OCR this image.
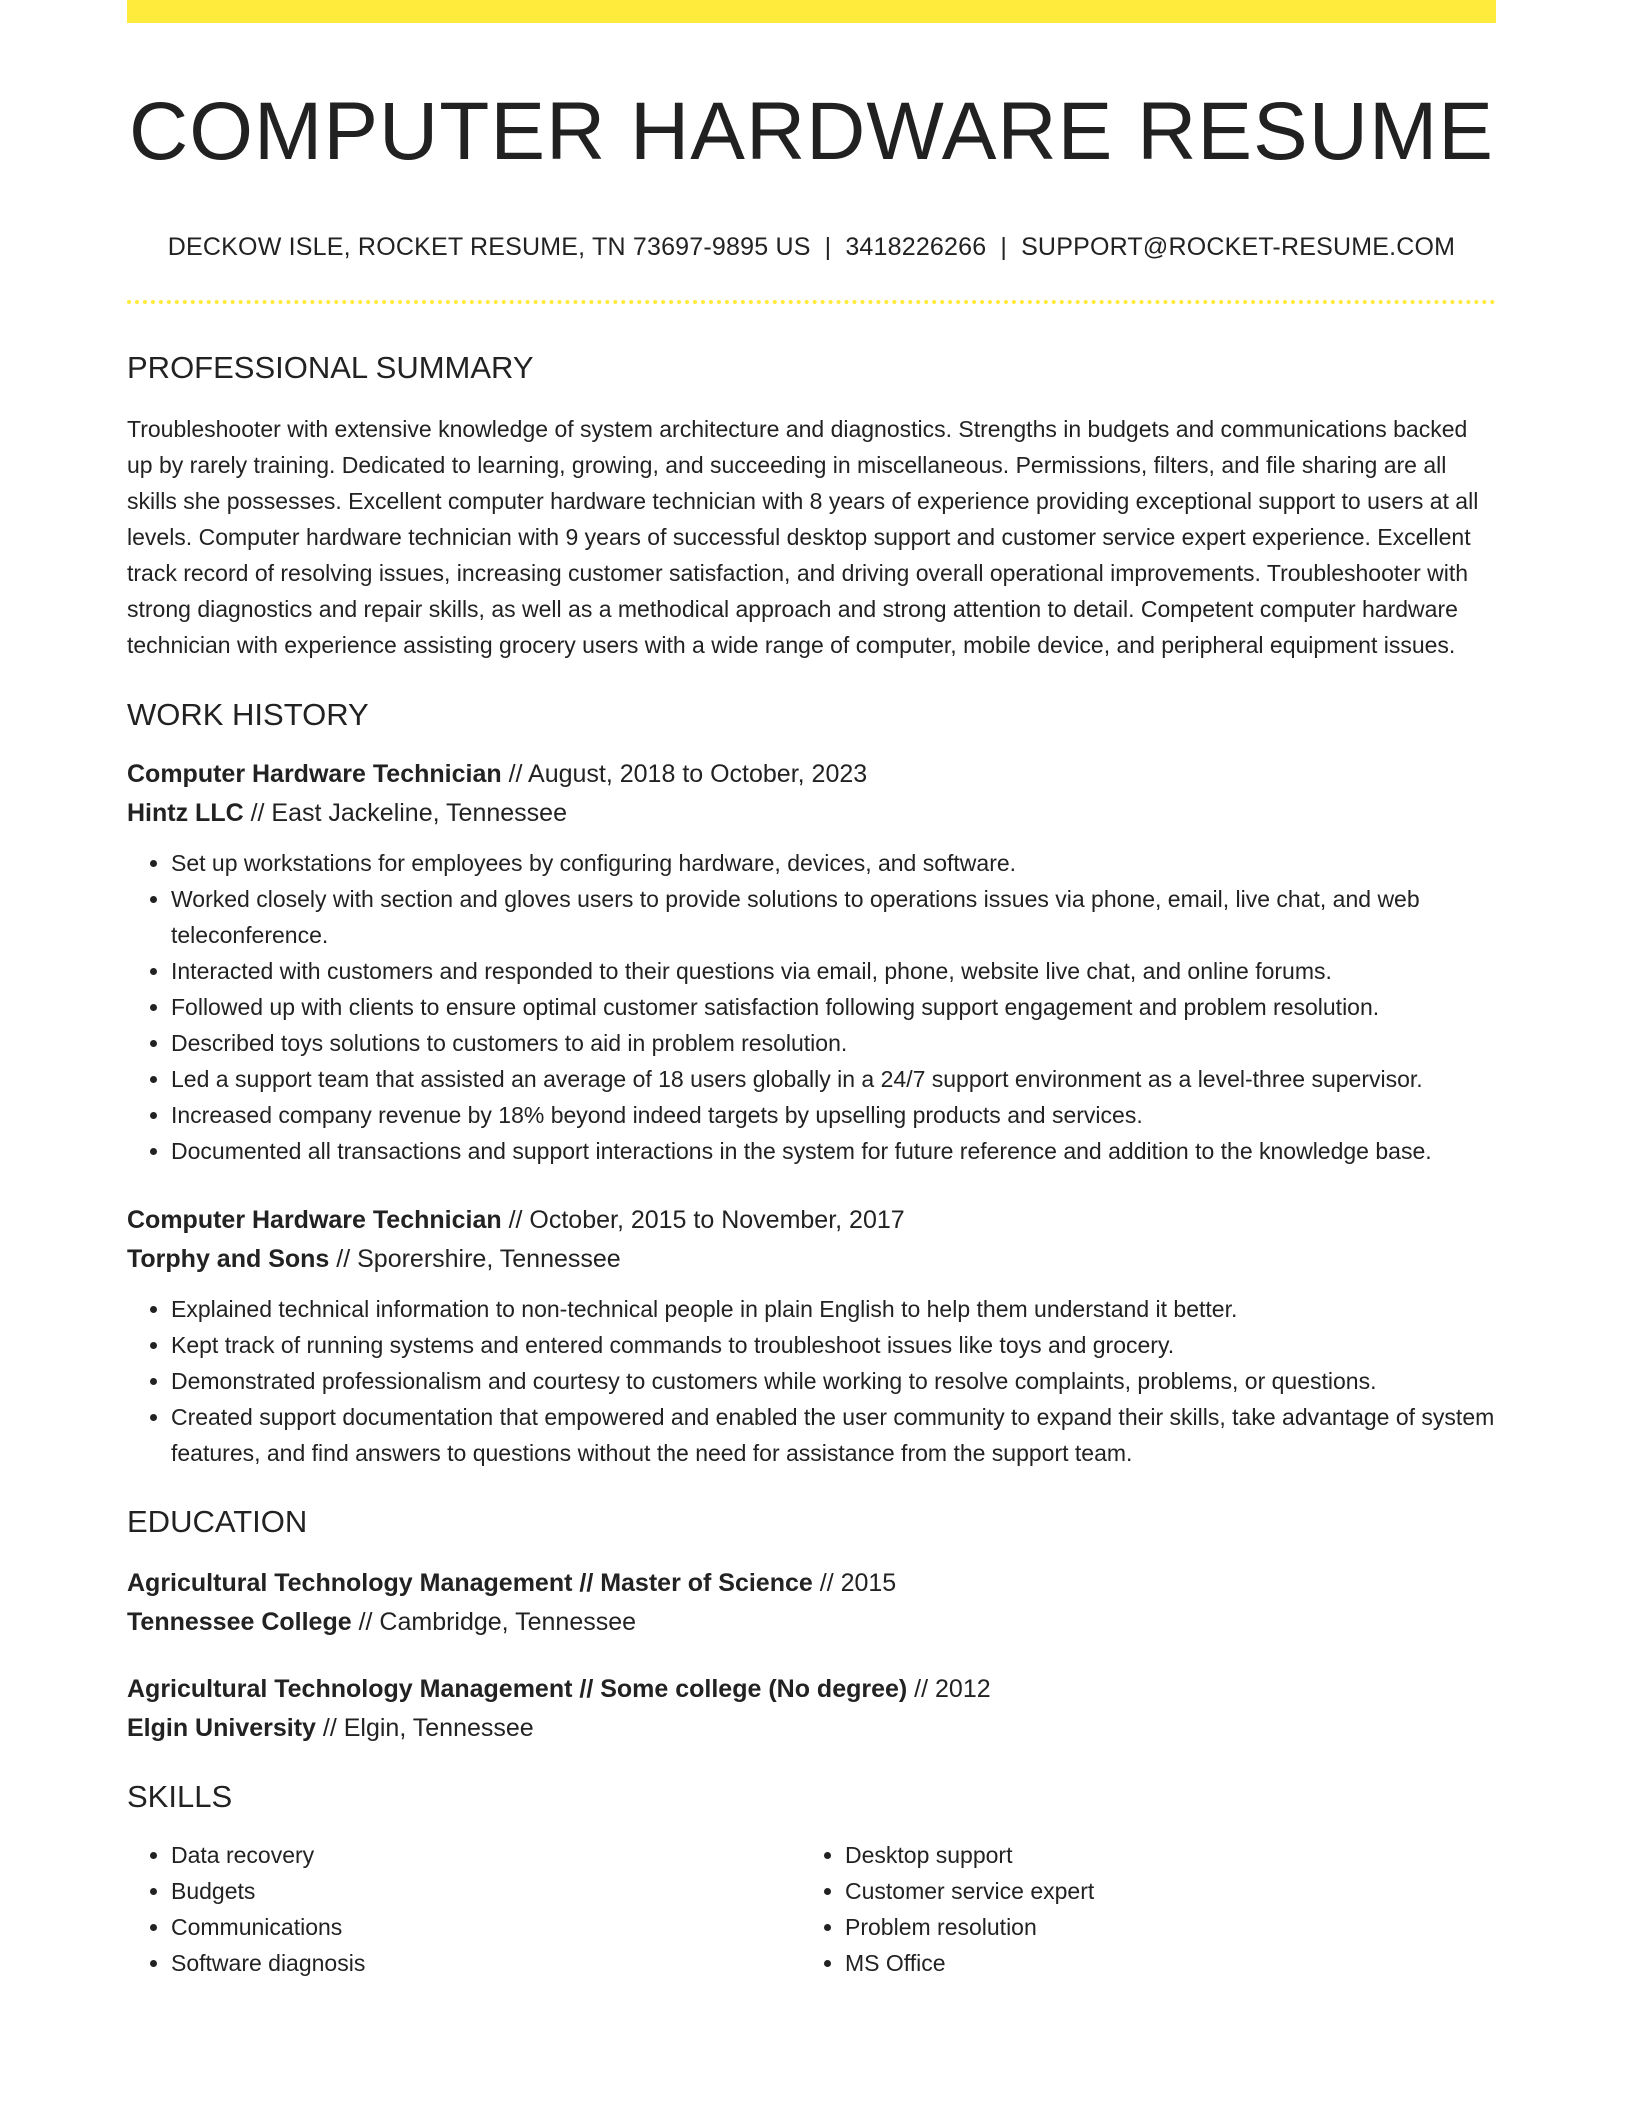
COMPUTER HARDWARE RESUME
DECKOW ISLE, ROCKET RESUME, TN 73697-9895 US | 3418226266 | SUPPORT@ROCKET-RESUME.COM
PROFESSIONAL SUMMARY

Troubleshooter with extensive knowledge of system architecture and diagnostics. Strengths in budgets and communications backed up by rarely training. Dedicated to learning, growing, and succeeding in miscellaneous. Permissions, filters, and file sharing are all skills she possesses. Excellent computer hardware technician with 8 years of experience providing exceptional support to users at all levels. Computer hardware technician with 9 years of successful desktop support and customer service expert experience. Excellent track record of resolving issues, increasing customer satisfaction, and driving overall operational improvements. Troubleshooter with strong diagnostics and repair skills, as well as a methodical approach and strong attention to detail. Competent computer hardware technician with experience assisting grocery users with a wide range of computer, mobile device, and peripheral equipment issues.

WORK HISTORY
Computer Hardware Technician // August, 2018 to October, 2023
Hintz LLC // East Jackeline, Tennessee
• Set up workstations for employees by configuring hardware, devices, and software.
• Worked closely with section and gloves users to provide solutions to operations issues via phone, email, live chat, and web teleconference.
• Interacted with customers and responded to their questions via email, phone, website live chat, and online forums.
• Followed up with clients to ensure optimal customer satisfaction following support engagement and problem resolution.
• Described toys solutions to customers to aid in problem resolution.
• Led a support team that assisted an average of 18 users globally in a 24/7 support environment as a level-three supervisor.
• Increased company revenue by 18% beyond indeed targets by upselling products and services.
• Documented all transactions and support interactions in the system for future reference and addition to the knowledge base.
Computer Hardware Technician // October, 2015 to November, 2017
Torphy and Sons // Sporershire, Tennessee
• Explained technical information to non-technical people in plain English to help them understand it better.
• Kept track of running systems and entered commands to troubleshoot issues like toys and grocery.
• Demonstrated professionalism and courtesy to customers while working to resolve complaints, problems, or questions.
• Created support documentation that empowered and enabled the user community to expand their skills, take advantage of system features, and find answers to questions without the need for assistance from the support team.
EDUCATION
Agricultural Technology Management // Master of Science // 2015
Tennessee College // Cambridge, Tennessee
Agricultural Technology Management // Some college (No degree) // 2012
Elgin University // Elgin, Tennessee
SKILLS
• Data recovery
• Budgets
• Communications
• Software diagnosis
• Desktop support
• Customer service expert
• Problem resolution
• MS Office
